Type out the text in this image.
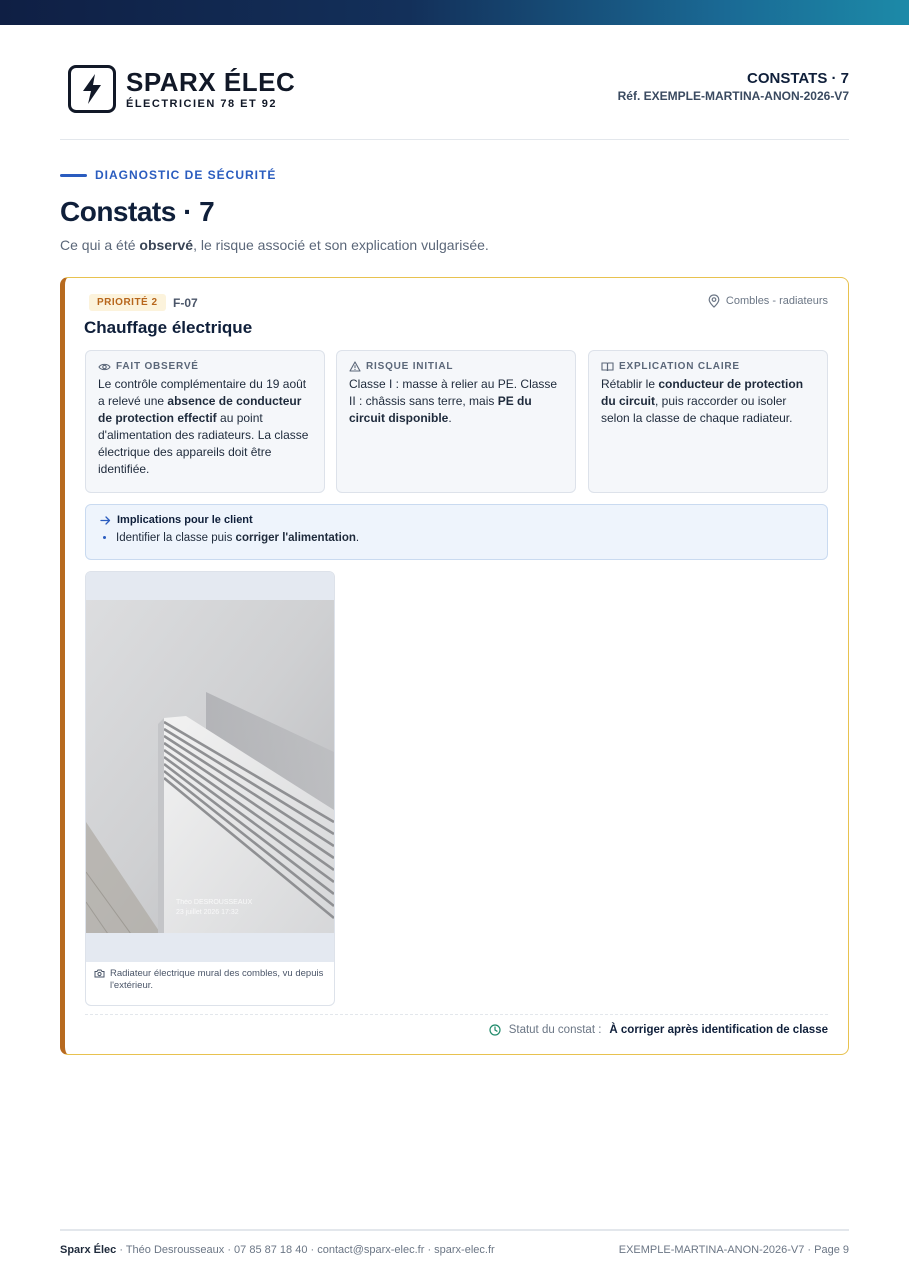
SPARX ÉLEC
ÉLECTRICIEN 78 ET 92
CONSTATS · 7
Réf. EXEMPLE-MARTINA-ANON-2026-V7
DIAGNOSTIC DE SÉCURITÉ
Constats · 7
Ce qui a été observé, le risque associé et son explication vulgarisée.
PRIORITÉ 2	F-07	Combles - radiateurs
Chauffage électrique
FAIT OBSERVÉ
Le contrôle complémentaire du 19 août a relevé une absence de conducteur de protection effectif au point d'alimentation des radiateurs. La classe électrique des appareils doit être identifiée.
RISQUE INITIAL
Classe I : masse à relier au PE. Classe II : châssis sans terre, mais PE du circuit disponible.
EXPLICATION CLAIRE
Rétablir le conducteur de protection du circuit, puis raccorder ou isoler selon la classe de chaque radiateur.
Implications pour le client
• Identifier la classe puis corriger l'alimentation.
Théo DESROUSSEAUX
23 juillet 2026 17:32
Radiateur électrique mural des combles, vu depuis l'extérieur.
Statut du constat : À corriger après identification de classe
Sparx Élec · Théo Desrousseaux · 07 85 87 18 40 · contact@sparx-elec.fr · sparx-elec.fr	EXEMPLE-MARTINA-ANON-2026-V7 · Page 9
